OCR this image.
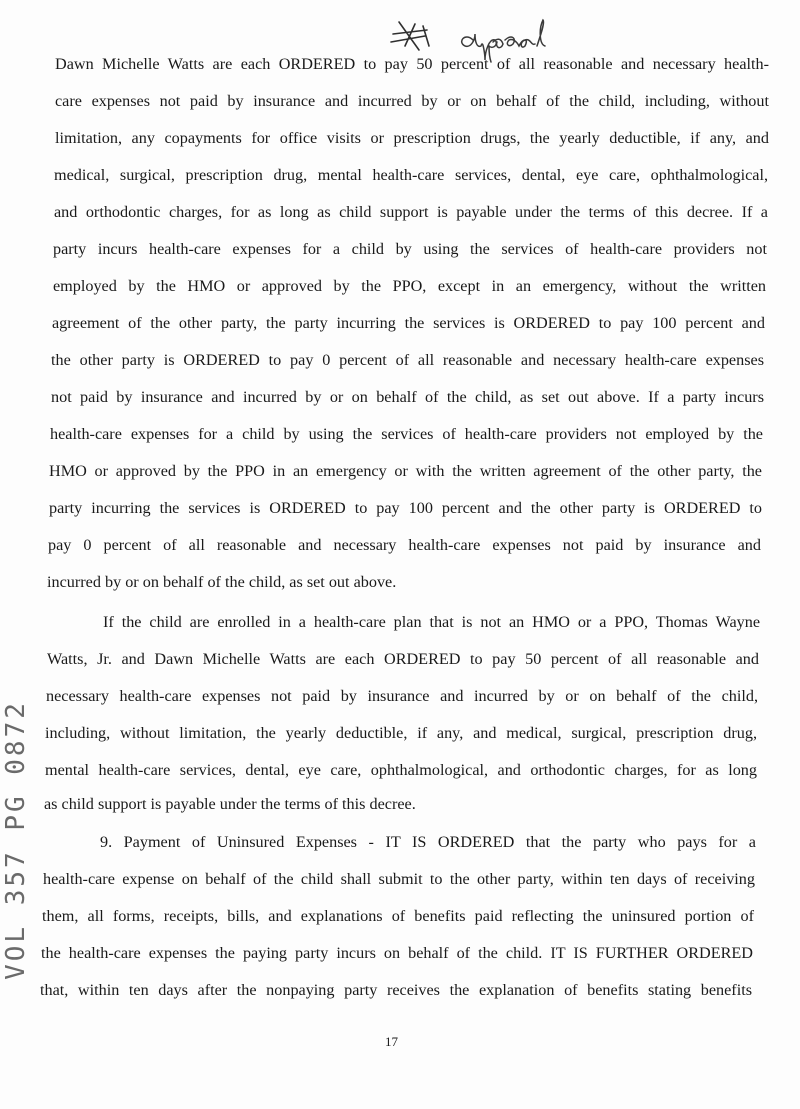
Dawn Michelle Watts are each ORDERED to pay 50 percent of all reasonable and necessary health-
care expenses not paid by insurance and incurred by or on behalf of the child, including, without
limitation, any copayments for office visits or prescription drugs, the yearly deductible, if any, and
medical, surgical, prescription drug, mental health-care services, dental, eye care, ophthalmological,
and orthodontic charges, for as long as child support is payable under the terms of this decree. If a
party incurs health-care expenses for a child by using the services of health-care providers not
employed by the HMO or approved by the PPO, except in an emergency, without the written
agreement of the other party, the party incurring the services is ORDERED to pay 100 percent and
the other party is ORDERED to pay 0 percent of all reasonable and necessary health-care expenses
not paid by insurance and incurred by or on behalf of the child, as set out above. If a party incurs
health-care expenses for a child by using the services of health-care providers not employed by the
HMO or approved by the PPO in an emergency or with the written agreement of the other party, the
party incurring the services is ORDERED to pay 100 percent and the other party is ORDERED to
pay 0 percent of all reasonable and necessary health-care expenses not paid by insurance and
incurred by or on behalf of the child, as set out above.
If the child are enrolled in a health-care plan that is not an HMO or a PPO, Thomas Wayne
Watts, Jr. and Dawn Michelle Watts are each ORDERED to pay 50 percent of all reasonable and
necessary health-care expenses not paid by insurance and incurred by or on behalf of the child,
including, without limitation, the yearly deductible, if any, and medical, surgical, prescription drug,
mental health-care services, dental, eye care, ophthalmological, and orthodontic charges, for as long
as child support is payable under the terms of this decree.
9. Payment of Uninsured Expenses - IT IS ORDERED that the party who pays for a
health-care expense on behalf of the child shall submit to the other party, within ten days of receiving
them, all forms, receipts, bills, and explanations of benefits paid reflecting the uninsured portion of
the health-care expenses the paying party incurs on behalf of the child. IT IS FURTHER ORDERED
that, within ten days after the nonpaying party receives the explanation of benefits stating benefits
VOL 357 PG 0872
17
